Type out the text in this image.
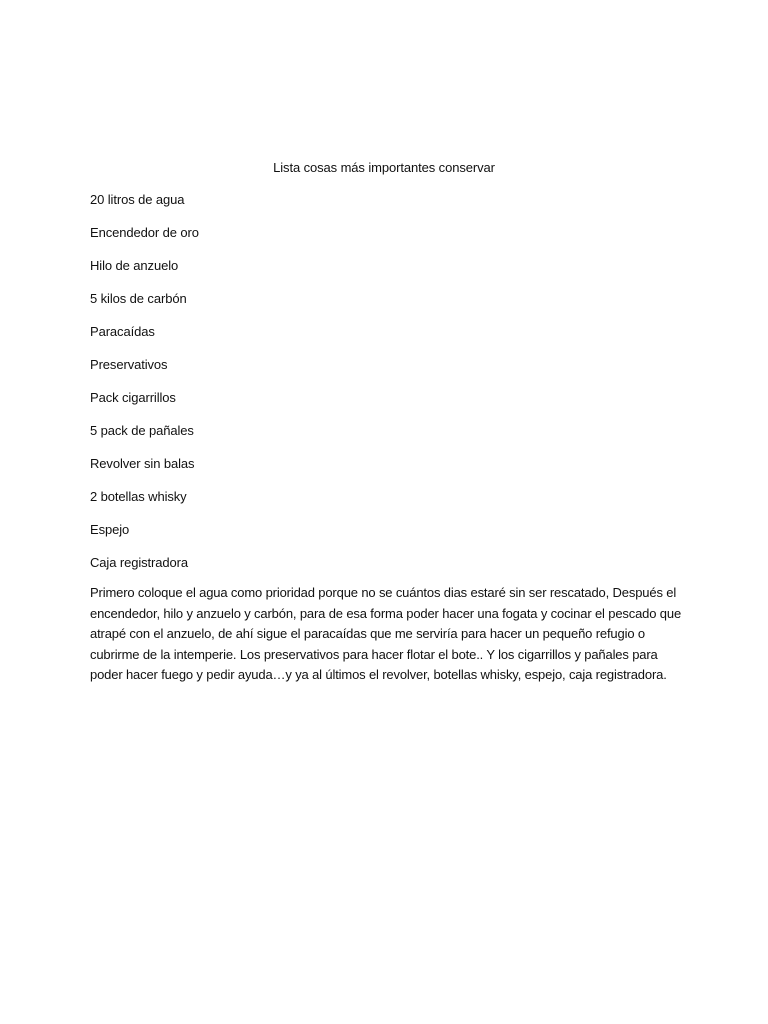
Lista cosas más importantes conservar
20 litros de agua
Encendedor de oro
Hilo de anzuelo
5 kilos de carbón
Paracaídas
Preservativos
Pack cigarrillos
5 pack de pañales
Revolver sin balas
2 botellas whisky
Espejo
Caja registradora

Primero coloque el agua como prioridad porque no se cuántos dias estaré sin ser rescatado, Después el encendedor, hilo y anzuelo y carbón, para de esa forma poder hacer una fogata y cocinar el pescado que atrapé con el anzuelo, de ahí sigue el paracaídas que me serviría para hacer un pequeño refugio o cubrirme de la intemperie. Los preservativos para hacer flotar el bote.. Y los cigarrillos y pañales para poder hacer fuego y pedir ayuda…y ya al últimos el revolver, botellas whisky, espejo, caja registradora.
